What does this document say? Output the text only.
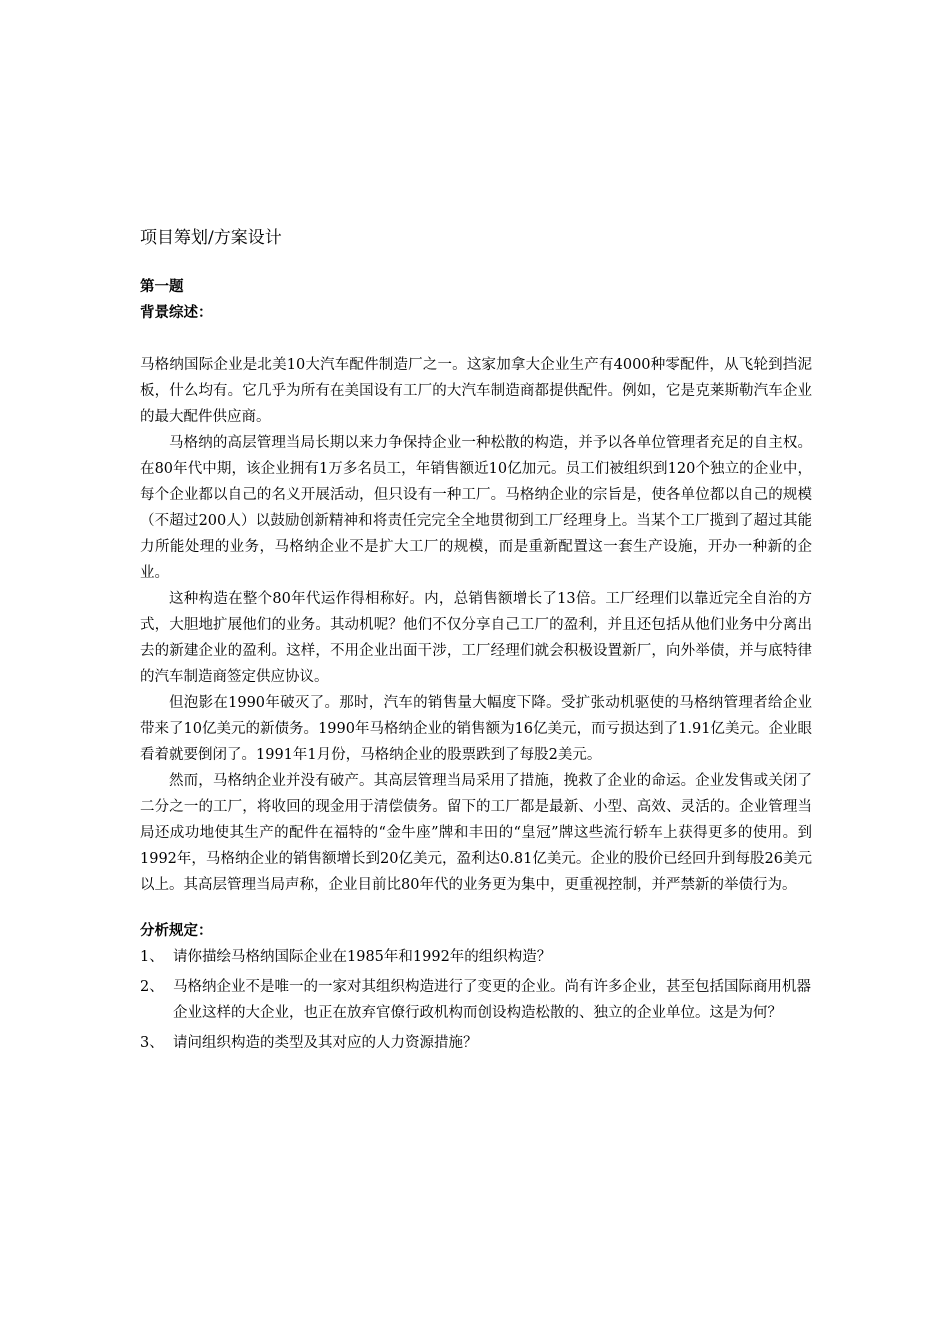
项目筹划/方案设计

第一题

背景综述：

马格纳国际企业是北美10大汽车配件制造厂之一。这家加拿大企业生产有4000种零配件，从飞轮到挡泥板，什么均有。它几乎为所有在美国设有工厂的大汽车制造商都提供配件。例如，它是克莱斯勒汽车企业的最大配件供应商。

马格纳的高层管理当局长期以来力争保持企业一种松散的构造，并予以各单位管理者充足的自主权。在80年代中期，该企业拥有1万多名员工，年销售额近10亿加元。员工们被组织到120个独立的企业中，每个企业都以自己的名义开展活动，但只设有一种工厂。马格纳企业的宗旨是，使各单位都以自己的规模（不超过200人）以鼓励创新精神和将责任完完全全地贯彻到工厂经理身上。当某个工厂揽到了超过其能力所能处理的业务，马格纳企业不是扩大工厂的规模，而是重新配置这一套生产设施，开办一种新的企业。

这种构造在整个80年代运作得相称好。内，总销售额增长了13倍。工厂经理们以靠近完全自治的方式，大胆地扩展他们的业务。其动机呢？他们不仅分享自己工厂的盈利，并且还包括从他们业务中分离出去的新建企业的盈利。这样，不用企业出面干涉，工厂经理们就会积极设置新厂，向外举债，并与底特律的汽车制造商签定供应协议。

但泡影在1990年破灭了。那时，汽车的销售量大幅度下降。受扩张动机驱使的马格纳管理者给企业带来了10亿美元的新债务。1990年马格纳企业的销售额为16亿美元，而亏损达到了1.91亿美元。企业眼看着就要倒闭了。1991年1月份，马格纳企业的股票跌到了每股2美元。

然而，马格纳企业并没有破产。其高层管理当局采用了措施，挽救了企业的命运。企业发售或关闭了二分之一的工厂，将收回的现金用于清偿债务。留下的工厂都是最新、小型、高效、灵活的。企业管理当局还成功地使其生产的配件在福特的“金牛座”牌和丰田的“皇冠”牌这些流行轿车上获得更多的使用。到1992年，马格纳企业的销售额增长到20亿美元，盈利达0.81亿美元。企业的股价已经回升到每股26美元以上。其高层管理当局声称，企业目前比80年代的业务更为集中，更重视控制，并严禁新的举债行为。

分析规定：

1、 请你描绘马格纳国际企业在1985年和1992年的组织构造？
2、 马格纳企业不是唯一的一家对其组织构造进行了变更的企业。尚有许多企业，甚至包括国际商用机器企业这样的大企业，也正在放弃官僚行政机构而创设构造松散的、独立的企业单位。这是为何？
3、 请问组织构造的类型及其对应的人力资源措施？
